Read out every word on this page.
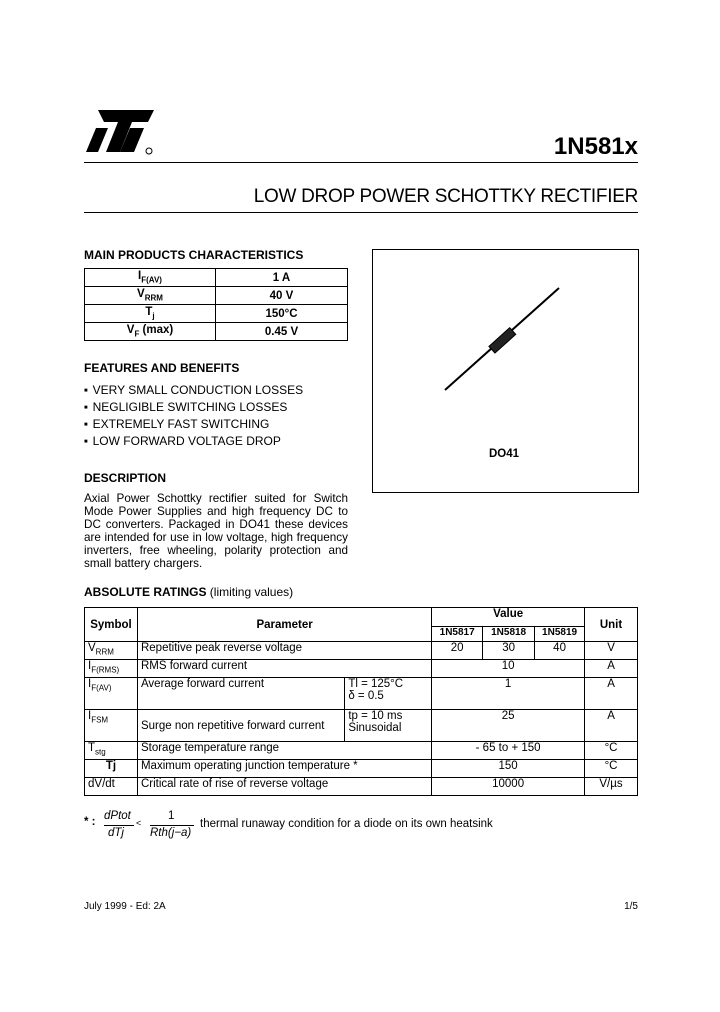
1N581x
LOW DROP POWER SCHOTTKY RECTIFIER
MAIN PRODUCTS CHARACTERISTICS
$I_{F(AV)}$	1 A
$V_{RRM}$	40 V
$T_j$	150°C
$V_F$ (max)	0.45 V
DO41
FEATURES AND BENEFITS
■ VERY SMALL CONDUCTION LOSSES
■ NEGLIGIBLE SWITCHING LOSSES
■ EXTREMELY FAST SWITCHING
■ LOW FORWARD VOLTAGE DROP
DESCRIPTION
Axial Power Schottky rectifier suited for Switch Mode Power Supplies and high frequency DC to DC converters. Packaged in DO41 these devices are intended for use in low voltage, high frequency inverters, free wheeling, polarity protection and small battery chargers.
ABSOLUTE RATINGS (limiting values)
Symbol	Parameter		Value			Unit
			1N5817	1N5818	1N5819	
$V_{RRM}$	Repetitive peak reverse voltage		20	30	40	V
$I_{F(RMS)}$	RMS forward current		10			A
$I_{F(AV)}$	Average forward current	Tl = 125°C
δ = 0.5	1			A
$I_{FSM}$	Surge non repetitive forward current	tp = 10 ms
Sinusoidal	25			A
$T_{stg}$	Storage temperature range		- 65 to + 150			°C
Tj	Maximum operating junction temperature *		150			°C
dV/dt	Critical rate of rise of reverse voltage		10000			V/µs
* : dPtot
dTj
<
1
Rth(j−a)
thermal runaway condition for a diode on its own heatsink
July 1999 - Ed: 2A	1/5
